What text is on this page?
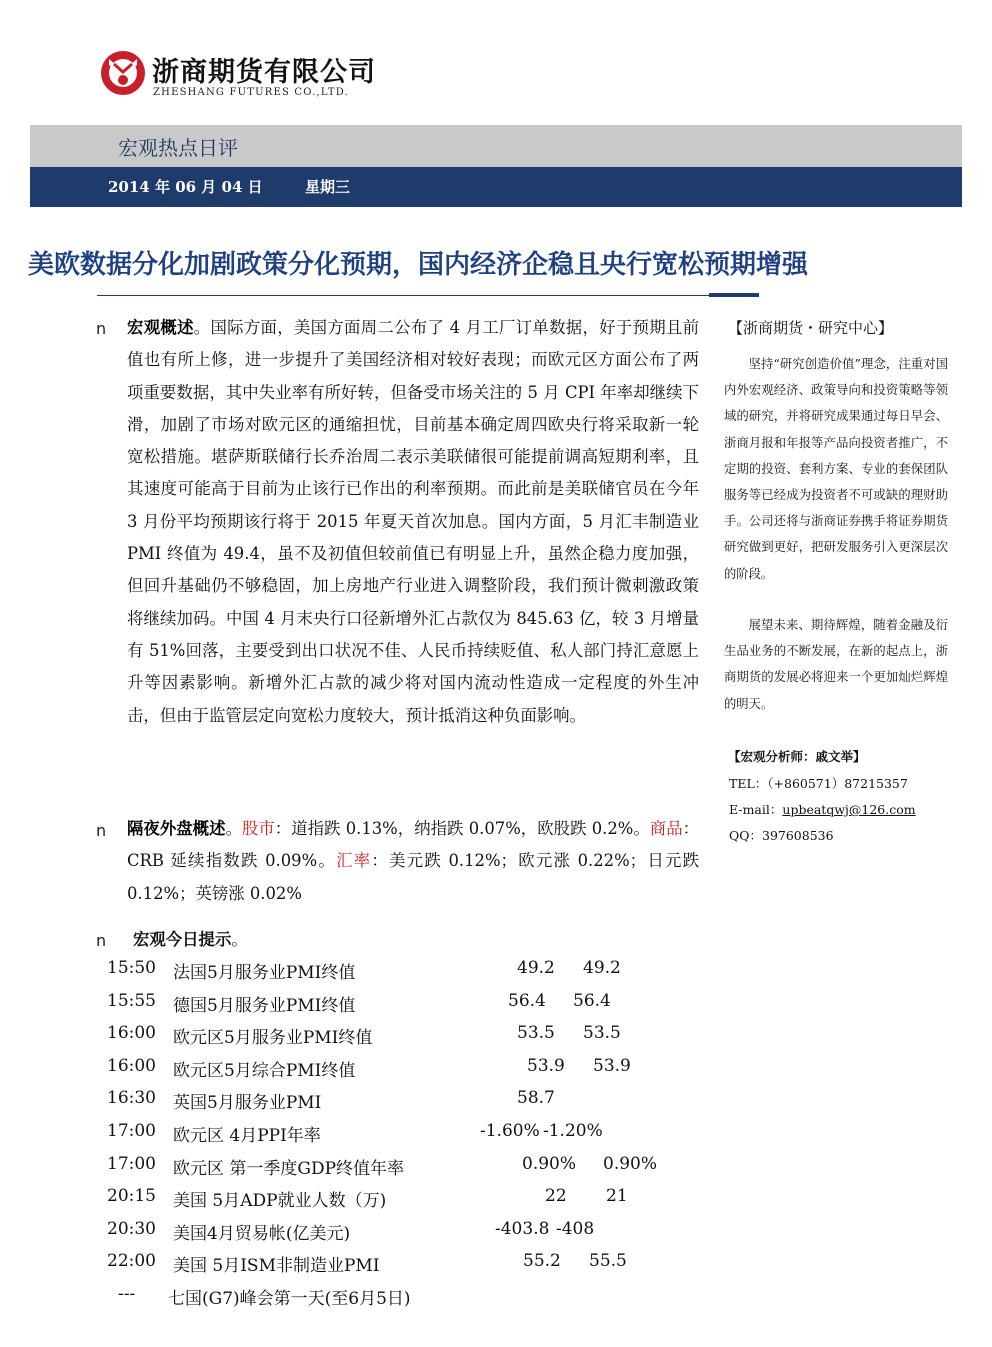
浙商期货有限公司
ZHESHANG FUTURES CO.,LTD.
宏观热点日评
2014 年 06 月 04 日	星期三
美欧数据分化加剧政策分化预期，国内经济企稳且央行宽松预期增强
n 宏观概述。国际方面，美国方面周二公布了 4 月工厂订单数据，好于预期且前值也有所上修，进一步提升了美国经济相对较好表现；而欧元区方面公布了两项重要数据，其中失业率有所好转，但备受市场关注的 5 月 CPI 年率却继续下滑，加剧了市场对欧元区的通缩担忧，目前基本确定周四欧央行将采取新一轮宽松措施。堪萨斯联储行长乔治周二表示美联储很可能提前调高短期利率，且其速度可能高于目前为止该行已作出的利率预期。而此前是美联储官员在今年 3 月份平均预期该行将于 2015 年夏天首次加息。国内方面，5 月汇丰制造业 PMI 终值为 49.4，虽不及初值但较前值已有明显上升，虽然企稳力度加强，但回升基础仍不够稳固，加上房地产行业进入调整阶段，我们预计微刺激政策将继续加码。中国 4 月末央行口径新增外汇占款仅为 845.63 亿，较 3 月增量有 51%回落，主要受到出口状况不佳、人民币持续贬值、私人部门持汇意愿上升等因素影响。新增外汇占款的减少将对国内流动性造成一定程度的外生冲击，但由于监管层定向宽松力度较大，预计抵消这种负面影响。
n 隔夜外盘概述。股市：道指跌 0.13%，纳指跌 0.07%，欧股跌 0.2%。商品：CRB 延续指数跌 0.09%。汇率：美元跌 0.12%；欧元涨 0.22%；日元跌 0.12%；英镑涨 0.02%
n 宏观今日提示。
15:50 法国5月服务业PMI终值	49.2 49.2
15:55 德国5月服务业PMI终值	56.4 56.4
16:00 欧元区5月服务业PMI终值	53.5 53.5
16:00 欧元区5月综合PMI终值	53.9 53.9
16:30 英国5月服务业PMI	58.7
17:00 欧元区 4月PPI年率	-1.60% -1.20%
17:00 欧元区 第一季度GDP终值年率	0.90% 0.90%
20:15 美国 5月ADP就业人数（万)	22 21
20:30 美国4月贸易帐(亿美元)	-403.8 -408
22:00 美国 5月ISM非制造业PMI	55.2 55.5
--- 七国(G7)峰会第一天(至6月5日)
【浙商期货・研究中心】
坚持“研究创造价值”理念，注重对国内外宏观经济、政策导向和投资策略等领域的研究，并将研究成果通过每日早会、浙商月报和年报等产品向投资者推广，不定期的投资、套利方案、专业的套保团队服务等已经成为投资者不可或缺的理财助手。公司还将与浙商证券携手将证券期货研究做到更好，把研发服务引入更深层次的阶段。
展望未来、期待辉煌，随着金融及衍生品业务的不断发展，在新的起点上，浙商期货的发展必将迎来一个更加灿烂辉煌的明天。
【宏观分析师：戚文举】
TEL：（+860571）87215357
E-mail：upbeatqwj@126.com
QQ：397608536
